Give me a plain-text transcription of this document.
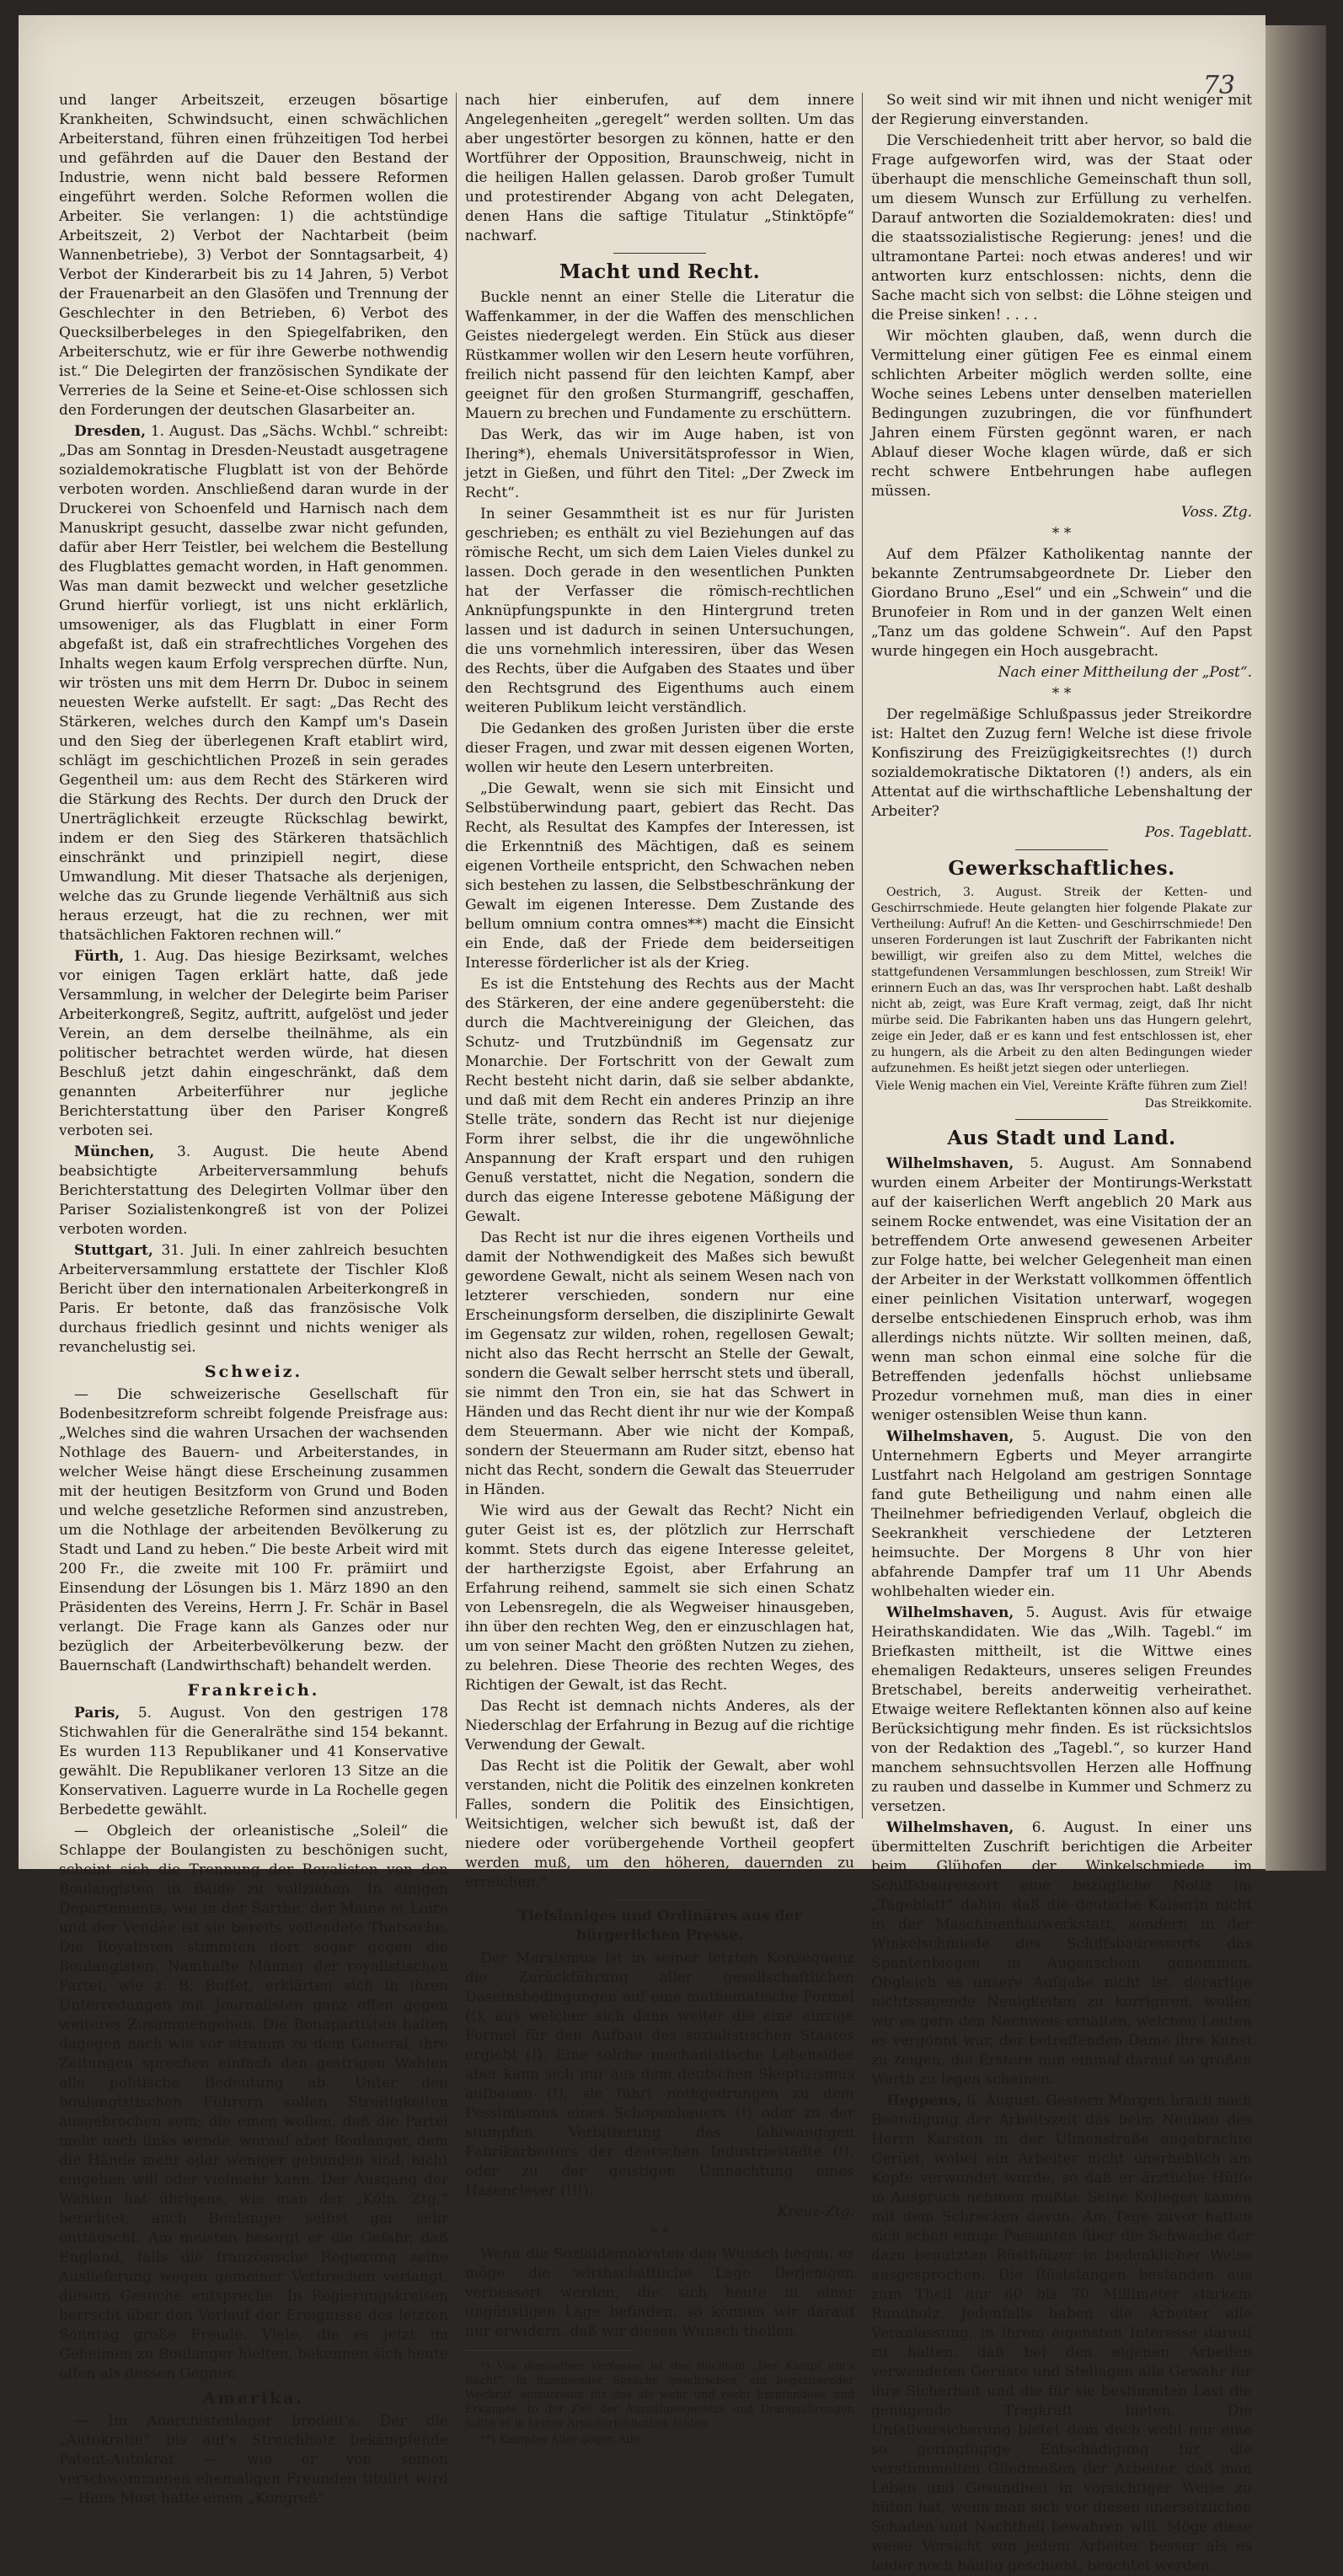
73

und langer Arbeitszeit, erzeugen bösartige Krankheiten, Schwindsucht, einen schwächlichen Arbeiterstand, führen einen frühzeitigen Tod herbei und gefährden auf die Dauer den Bestand der Industrie, wenn nicht bald bessere Reformen eingeführt werden. Solche Reformen wollen die Arbeiter. Sie verlangen: 1) die achtstündige Arbeitszeit, 2) Verbot der Nachtarbeit (beim Wannenbetriebe), 3) Verbot der Sonntagsarbeit, 4) Verbot der Kinderarbeit bis zu 14 Jahren, 5) Verbot der Frauenarbeit an den Glasöfen und Trennung der Geschlechter in den Betrieben, 6) Verbot des Quecksilberbeleges in den Spiegelfabriken, den Arbeiterschutz, wie er für ihre Gewerbe nothwendig ist.“ Die Delegirten der französischen Syndikate der Verreries de la Seine et Seine-et-Oise schlossen sich den Forderungen der deutschen Glasarbeiter an.

Dresden, 1. August. Das „Sächs. Wchbl.“ schreibt: „Das am Sonntag in Dresden-Neustadt ausgetragene sozialdemokratische Flugblatt ist von der Behörde verboten worden. Anschließend daran wurde in der Druckerei von Schoenfeld und Harnisch nach dem Manuskript gesucht, dasselbe zwar nicht gefunden, dafür aber Herr Teistler, bei welchem die Bestellung des Flugblattes gemacht worden, in Haft genommen. Was man damit bezweckt und welcher gesetzliche Grund hierfür vorliegt, ist uns nicht erklärlich, umsoweniger, als das Flugblatt in einer Form abgefaßt ist, daß ein strafrechtliches Vorgehen des Inhalts wegen kaum Erfolg versprechen dürfte. Nun, wir trösten uns mit dem Herrn Dr. Duboc in seinem neuesten Werke aufstellt. Er sagt: „Das Recht des Stärkeren, welches durch den Kampf um's Dasein und den Sieg der überlegenen Kraft etablirt wird, schlägt im geschichtlichen Prozeß in sein gerades Gegentheil um: aus dem Recht des Stärkeren wird die Stärkung des Rechts. Der durch den Druck der Unerträglichkeit erzeugte Rückschlag bewirkt, indem er den Sieg des Stärkeren thatsächlich einschränkt und prinzipiell negirt, diese Umwandlung. Mit dieser Thatsache als derjenigen, welche das zu Grunde liegende Verhältniß aus sich heraus erzeugt, hat die zu rechnen, wer mit thatsächlichen Faktoren rechnen will.“

Fürth, 1. Aug. Das hiesige Bezirksamt, welches vor einigen Tagen erklärt hatte, daß jede Versammlung, in welcher der Delegirte beim Pariser Arbeiterkongreß, Segitz, auftritt, aufgelöst und jeder Verein, an dem derselbe theilnähme, als ein politischer betrachtet werden würde, hat diesen Beschluß jetzt dahin eingeschränkt, daß dem genannten Arbeiterführer nur jegliche Berichterstattung über den Pariser Kongreß verboten sei.

München, 3. August. Die heute Abend beabsichtigte Arbeiterversammlung behufs Berichterstattung des Delegirten Vollmar über den Pariser Sozialistenkongreß ist von der Polizei verboten worden.

Stuttgart, 31. Juli. In einer zahlreich besuchten Arbeiterversammlung erstattete der Tischler Kloß Bericht über den internationalen Arbeiterkongreß in Paris. Er betonte, daß das französische Volk durchaus friedlich gesinnt und nichts weniger als revanchelustig sei.

Schweiz.

— Die schweizerische Gesellschaft für Bodenbesitzreform schreibt folgende Preisfrage aus: „Welches sind die wahren Ursachen der wachsenden Nothlage des Bauern- und Arbeiterstandes, in welcher Weise hängt diese Erscheinung zusammen mit der heutigen Besitzform von Grund und Boden und welche gesetzliche Reformen sind anzustreben, um die Nothlage der arbeitenden Bevölkerung zu Stadt und Land zu heben.“ Die beste Arbeit wird mit 200 Fr., die zweite mit 100 Fr. prämiirt und Einsendung der Lösungen bis 1. März 1890 an den Präsidenten des Vereins, Herrn J. Fr. Schär in Basel verlangt. Die Frage kann als Ganzes oder nur bezüglich der Arbeiterbevölkerung bezw. der Bauernschaft (Landwirthschaft) behandelt werden.

Frankreich.

Paris, 5. August. Von den gestrigen 178 Stichwahlen für die Generalräthe sind 154 bekannt. Es wurden 113 Republikaner und 41 Konservative gewählt. Die Republikaner verloren 13 Sitze an die Konservativen. Laguerre wurde in La Rochelle gegen Berbedette gewählt.

— Obgleich der orleanistische „Soleil“ die Schlappe der Boulangisten zu beschönigen sucht, scheint sich die Trennung der Royalisten von den Boulangisten in Bälde zu vollziehen. In einigen Departements, wie in der Sarthe, der Maine et Loire und der Vendée ist sie bereits vollendete Thatsache. Die Royalisten stimmten dort sogar gegen die Boulangisten. Namhafte Männer der royalistischen Partei, wie z. B. Buffet, erklärten sich in ihren Unterredungen mit Journalisten ganz offen gegen weiteres Zusammengehen. Die Bonapartisten halten dagegen nach wie vor stramm zu dem General, ihre Zeitungen sprechen einfach den gestrigen Wahlen alle politische Bedeutung ab. Unter den boulangistischen Führern sollen Streitigkeiten ausgebrochen sein; die einen wollen, daß die Partei mehr nach links wende, worauf aber Boulanger, dem die Hände mehr oder weniger gebunden sind, nicht eingehen will oder vielmehr kann. Der Ausgang der Wahlen hat übrigens, wie man der „Köln. Ztg.“ berichtet, auch Boulanger selbst gar sehr enttäuscht. Am meisten besorgt er die Gefahr, daß England, falls die französische Regierung seine Auslieferung wegen gemeiner Verbrechen verlangt, diesem Gesuche entspreche. In Regierungskreisen herrscht über den Verlauf der Ereignisse des letzten Sonntag große Freude. Viele, die es jetzt im Geheimen zu Boulanger hielten, bekennen sich heute offen als dessen Gegner.

Amerika.

— Im Anarchistenlager brodelt's. Der die „Autokratie“ bis auf's Streichholz bekämpfende Patent-Autokrat — wie er von seinen verschwommenen ehemaligen Freunden titulirt wird — Hans Most hatte einen „Kongreß“

nach hier einberufen, auf dem innere Angelegenheiten „geregelt“ werden sollten. Um das aber ungestörter besorgen zu können, hatte er den Wortführer der Opposition, Braunschweig, nicht in die heiligen Hallen gelassen. Darob großer Tumult und protestirender Abgang von acht Delegaten, denen Hans die saftige Titulatur „Stinktöpfe“ nachwarf.

Macht und Recht.

Buckle nennt an einer Stelle die Literatur die Waffenkammer, in der die Waffen des menschlichen Geistes niedergelegt werden. Ein Stück aus dieser Rüstkammer wollen wir den Lesern heute vorführen, freilich nicht passend für den leichten Kampf, aber geeignet für den großen Sturmangriff, geschaffen, Mauern zu brechen und Fundamente zu erschüttern.

Das Werk, das wir im Auge haben, ist von Ihering*), ehemals Universitätsprofessor in Wien, jetzt in Gießen, und führt den Titel: „Der Zweck im Recht“.

In seiner Gesammtheit ist es nur für Juristen geschrieben; es enthält zu viel Beziehungen auf das römische Recht, um sich dem Laien Vieles dunkel zu lassen. Doch gerade in den wesentlichen Punkten hat der Verfasser die römisch-rechtlichen Anknüpfungspunkte in den Hintergrund treten lassen und ist dadurch in seinen Untersuchungen, die uns vornehmlich interessiren, über das Wesen des Rechts, über die Aufgaben des Staates und über den Rechtsgrund des Eigenthums auch einem weiteren Publikum leicht verständlich.

Die Gedanken des großen Juristen über die erste dieser Fragen, und zwar mit dessen eigenen Worten, wollen wir heute den Lesern unterbreiten.

„Die Gewalt, wenn sie sich mit Einsicht und Selbstüberwindung paart, gebiert das Recht. Das Recht, als Resultat des Kampfes der Interessen, ist die Erkenntniß des Mächtigen, daß es seinem eigenen Vortheile entspricht, den Schwachen neben sich bestehen zu lassen, die Selbstbeschränkung der Gewalt im eigenen Interesse. Dem Zustande des bellum omnium contra omnes**) macht die Einsicht ein Ende, daß der Friede dem beiderseitigen Interesse förderlicher ist als der Krieg.

Es ist die Entstehung des Rechts aus der Macht des Stärkeren, der eine andere gegenübersteht: die durch die Machtvereinigung der Gleichen, das Schutz- und Trutzbündniß im Gegensatz zur Monarchie. Der Fortschritt von der Gewalt zum Recht besteht nicht darin, daß sie selber abdankte, und daß mit dem Recht ein anderes Prinzip an ihre Stelle träte, sondern das Recht ist nur diejenige Form ihrer selbst, die ihr die ungewöhnliche Anspannung der Kraft erspart und den ruhigen Genuß verstattet, nicht die Negation, sondern die durch das eigene Interesse gebotene Mäßigung der Gewalt.

Das Recht ist nur die ihres eigenen Vortheils und damit der Nothwendigkeit des Maßes sich bewußt gewordene Gewalt, nicht als seinem Wesen nach von letzterer verschieden, sondern nur eine Erscheinungsform derselben, die disziplinirte Gewalt im Gegensatz zur wilden, rohen, regellosen Gewalt; nicht also das Recht herrscht an Stelle der Gewalt, sondern die Gewalt selber herrscht stets und überall, sie nimmt den Tron ein, sie hat das Schwert in Händen und das Recht dient ihr nur wie der Kompaß dem Steuermann. Aber wie nicht der Kompaß, sondern der Steuermann am Ruder sitzt, ebenso hat nicht das Recht, sondern die Gewalt das Steuerruder in Händen.

Wie wird aus der Gewalt das Recht? Nicht ein guter Geist ist es, der plötzlich zur Herrschaft kommt. Stets durch das eigene Interesse geleitet, der hartherzigste Egoist, aber Erfahrung an Erfahrung reihend, sammelt sie sich einen Schatz von Lebensregeln, die als Wegweiser hinausgeben, ihn über den rechten Weg, den er einzuschlagen hat, um von seiner Macht den größten Nutzen zu ziehen, zu belehren. Diese Theorie des rechten Weges, des Richtigen der Gewalt, ist das Recht.

Das Recht ist demnach nichts Anderes, als der Niederschlag der Erfahrung in Bezug auf die richtige Verwendung der Gewalt.

Das Recht ist die Politik der Gewalt, aber wohl verstanden, nicht die Politik des einzelnen konkreten Falles, sondern die Politik des Einsichtigen, Weitsichtigen, welcher sich bewußt ist, daß der niedere oder vorübergehende Vortheil geopfert werden muß, um den höheren, dauernden zu erreichen.“

Tiefsinniges und Ordinäres aus der bürgerlichen Presse.

Der Marxismus ist in seiner letzten Konsequenz die Zurückführung aller gesellschaftlichen Daseinsbedingungen auf eine mathematische Formel (!), aus welcher sich dann weiter die eine einzige Formel für den Aufbau des sozialistischen Staates ergiebt (!). Eine solche mechanistische Lebensidee aber kann sich nur aus dem deutschen Skeptizismus aufbauen (!); sie führt nothgedrungen zu dem Pessimismus eines Schopenhauers (!) oder zu der stumpfen Verbitterung des fahlwangigen Fabrikarbeiters der deutschen Industriestädte (!), oder zu der geistigen Umnachtung eines Hasenclever (!!!).

Kreuz-Ztg.

* *

Wenn die Sozialdemokraten den Wunsch hegen, es möge die wirthschaftliche Lage Derjenigen verbessert werden, die sich heute in einer ungünstigen Lage befinden, so können wir darauf nur erwidern, daß wir diesen Wunsch theilen.

*) Von demselben Verfasser ist das Büchlein „Der Kampf um's Recht“, in flammender Sprache geschrieben, ein begeisternder Weckruf, einzutreten für das als wahr und recht Empfundene und Erkannte. In der Zeit der Ausnahmegesetze und Drangsalirungen sollte es in keiner Arbeiterbibliothek fehlen.

**) Kampfes Aller gegen Alle.

So weit sind wir mit ihnen und nicht weniger mit der Regierung einverstanden.

Die Verschiedenheit tritt aber hervor, so bald die Frage aufgeworfen wird, was der Staat oder überhaupt die menschliche Gemeinschaft thun soll, um diesem Wunsch zur Erfüllung zu verhelfen. Darauf antworten die Sozialdemokraten: dies! und die staatssozialistische Regierung: jenes! und die ultramontane Partei: noch etwas anderes! und wir antworten kurz entschlossen: nichts, denn die Sache macht sich von selbst: die Löhne steigen und die Preise sinken! . . . .

Wir möchten glauben, daß, wenn durch die Vermittelung einer gütigen Fee es einmal einem schlichten Arbeiter möglich werden sollte, eine Woche seines Lebens unter denselben materiellen Bedingungen zuzubringen, die vor fünfhundert Jahren einem Fürsten gegönnt waren, er nach Ablauf dieser Woche klagen würde, daß er sich recht schwere Entbehrungen habe auflegen müssen.

Voss. Ztg.

* *

Auf dem Pfälzer Katholikentag nannte der bekannte Zentrumsabgeordnete Dr. Lieber den Giordano Bruno „Esel“ und ein „Schwein“ und die Brunofeier in Rom und in der ganzen Welt einen „Tanz um das goldene Schwein“. Auf den Papst wurde hingegen ein Hoch ausgebracht.

Nach einer Mittheilung der „Post“.

* *

Der regelmäßige Schlußpassus jeder Streikordre ist: Haltet den Zuzug fern! Welche ist diese frivole Konfiszirung des Freizügigkeitsrechtes (!) durch sozialdemokratische Diktatoren (!) anders, als ein Attentat auf die wirthschaftliche Lebenshaltung der Arbeiter?

Pos. Tageblatt.

Gewerkschaftliches.

Oestrich, 3. August. Streik der Ketten- und Geschirrschmiede. Heute gelangten hier folgende Plakate zur Vertheilung: Aufruf! An die Ketten- und Geschirrschmiede! Den unseren Forderungen ist laut Zuschrift der Fabrikanten nicht bewilligt, wir greifen also zu dem Mittel, welches die stattgefundenen Versammlungen beschlossen, zum Streik! Wir erinnern Euch an das, was Ihr versprochen habt. Laßt deshalb nicht ab, zeigt, was Eure Kraft vermag, zeigt, daß Ihr nicht mürbe seid. Die Fabrikanten haben uns das Hungern gelehrt, zeige ein Jeder, daß er es kann und fest entschlossen ist, eher zu hungern, als die Arbeit zu den alten Bedingungen wieder aufzunehmen. Es heißt jetzt siegen oder unterliegen.

Viele Wenig machen ein Viel, Vereinte Kräfte führen zum Ziel!

Das Streikkomite.

Aus Stadt und Land.

Wilhelmshaven, 5. August. Am Sonnabend wurden einem Arbeiter der Montirungs-Werkstatt auf der kaiserlichen Werft angeblich 20 Mark aus seinem Rocke entwendet, was eine Visitation der an betreffendem Orte anwesend gewesenen Arbeiter zur Folge hatte, bei welcher Gelegenheit man einen der Arbeiter in der Werkstatt vollkommen öffentlich einer peinlichen Visitation unterwarf, wogegen derselbe entschiedenen Einspruch erhob, was ihm allerdings nichts nützte. Wir sollten meinen, daß, wenn man schon einmal eine solche für die Betreffenden jedenfalls höchst unliebsame Prozedur vornehmen muß, man dies in einer weniger ostensiblen Weise thun kann.

Wilhelmshaven, 5. August. Die von den Unternehmern Egberts und Meyer arrangirte Lustfahrt nach Helgoland am gestrigen Sonntage fand gute Betheiligung und nahm einen alle Theilnehmer befriedigenden Verlauf, obgleich die Seekrankheit verschiedene der Letzteren heimsuchte. Der Morgens 8 Uhr von hier abfahrende Dampfer traf um 11 Uhr Abends wohlbehalten wieder ein.

Wilhelmshaven, 5. August. Avis für etwaige Heirathskandidaten. Wie das „Wilh. Tagebl.“ im Briefkasten mittheilt, ist die Wittwe eines ehemaligen Redakteurs, unseres seligen Freundes Bretschabel, bereits anderweitig verheirathet. Etwaige weitere Reflektanten können also auf keine Berücksichtigung mehr finden. Es ist rücksichtslos von der Redaktion des „Tagebl.“, so kurzer Hand manchem sehnsuchtsvollen Herzen alle Hoffnung zu rauben und dasselbe in Kummer und Schmerz zu versetzen.

Wilhelmshaven, 6. August. In einer uns übermittelten Zuschrift berichtigen die Arbeiter beim Glühofen der Winkelschmiede im Schiffsbauressort eine bezügliche Notiz im „Tageblatt“ dahin, daß die deutsche Kaiserin nicht in der Maschinenbauwerkstatt, sondern in der Winkelschmiede des Schiffsbauressorts das Spantenbiegen in Augenschein genommen. Obgleich es unsere Aufgabe nicht ist, derartige nichtssagende Neuigkeiten zu korrigiren, wollen wir es gern den Nachweis erhalten, welchen Leuten es vergönnt war, der betreffenden Dame ihre Kunst zu zeigen, die Erstere nun einmal darauf so großen Werth zu legen scheinen.

Heppens, 6. August. Gestern Morgen brach nach Beendigung der Arbeitszeit das beim Neubau des Herrn Karsten in der Ulmenstraße angebrachte Gerüst, wobei ein Arbeiter nicht unerheblich am Kopfe verwundet wurde, so daß er ärztliche Hülfe in Anspruch nehmen mußte. Seine Kollegen kamen mit dem Schrecken davon. Am Tage zuvor hatten sich schon einige Passanten über die Schwäche der dazu benutzten Rüsthölzer in bedenklicher Weise ausgesprochen. Die Rüststangen bestanden aus zum Theil nur 60 bis 70 Millimeter starkem Rundholz. Jedenfalls haben die Arbeiter alle Veranlassung, in ihrem eigensten Interesse darauf zu halten, daß bei den eigenen Arbeiten verwendeten Gerüste und Stellagen alle Gewähr für ihre Sicherheit und die für sie bestimmten Last die genügende Tragkraft bieten. Die Unfallversicherung bietet dem doch wohl nur eine so geringfügige Entschädigung für die verstümmelten Gliedmaßen der Arbeiter, daß man Leben und Gesundheit in vorsichtiger Weise zu hüten hat, wenn man sich vor diesen unersetzlichen Schaden und Nachtheil bewahren will. Möge diese weise Vorsicht von jedem Arbeiter besser als es leider noch häufig geschieht, beachtet werden.
